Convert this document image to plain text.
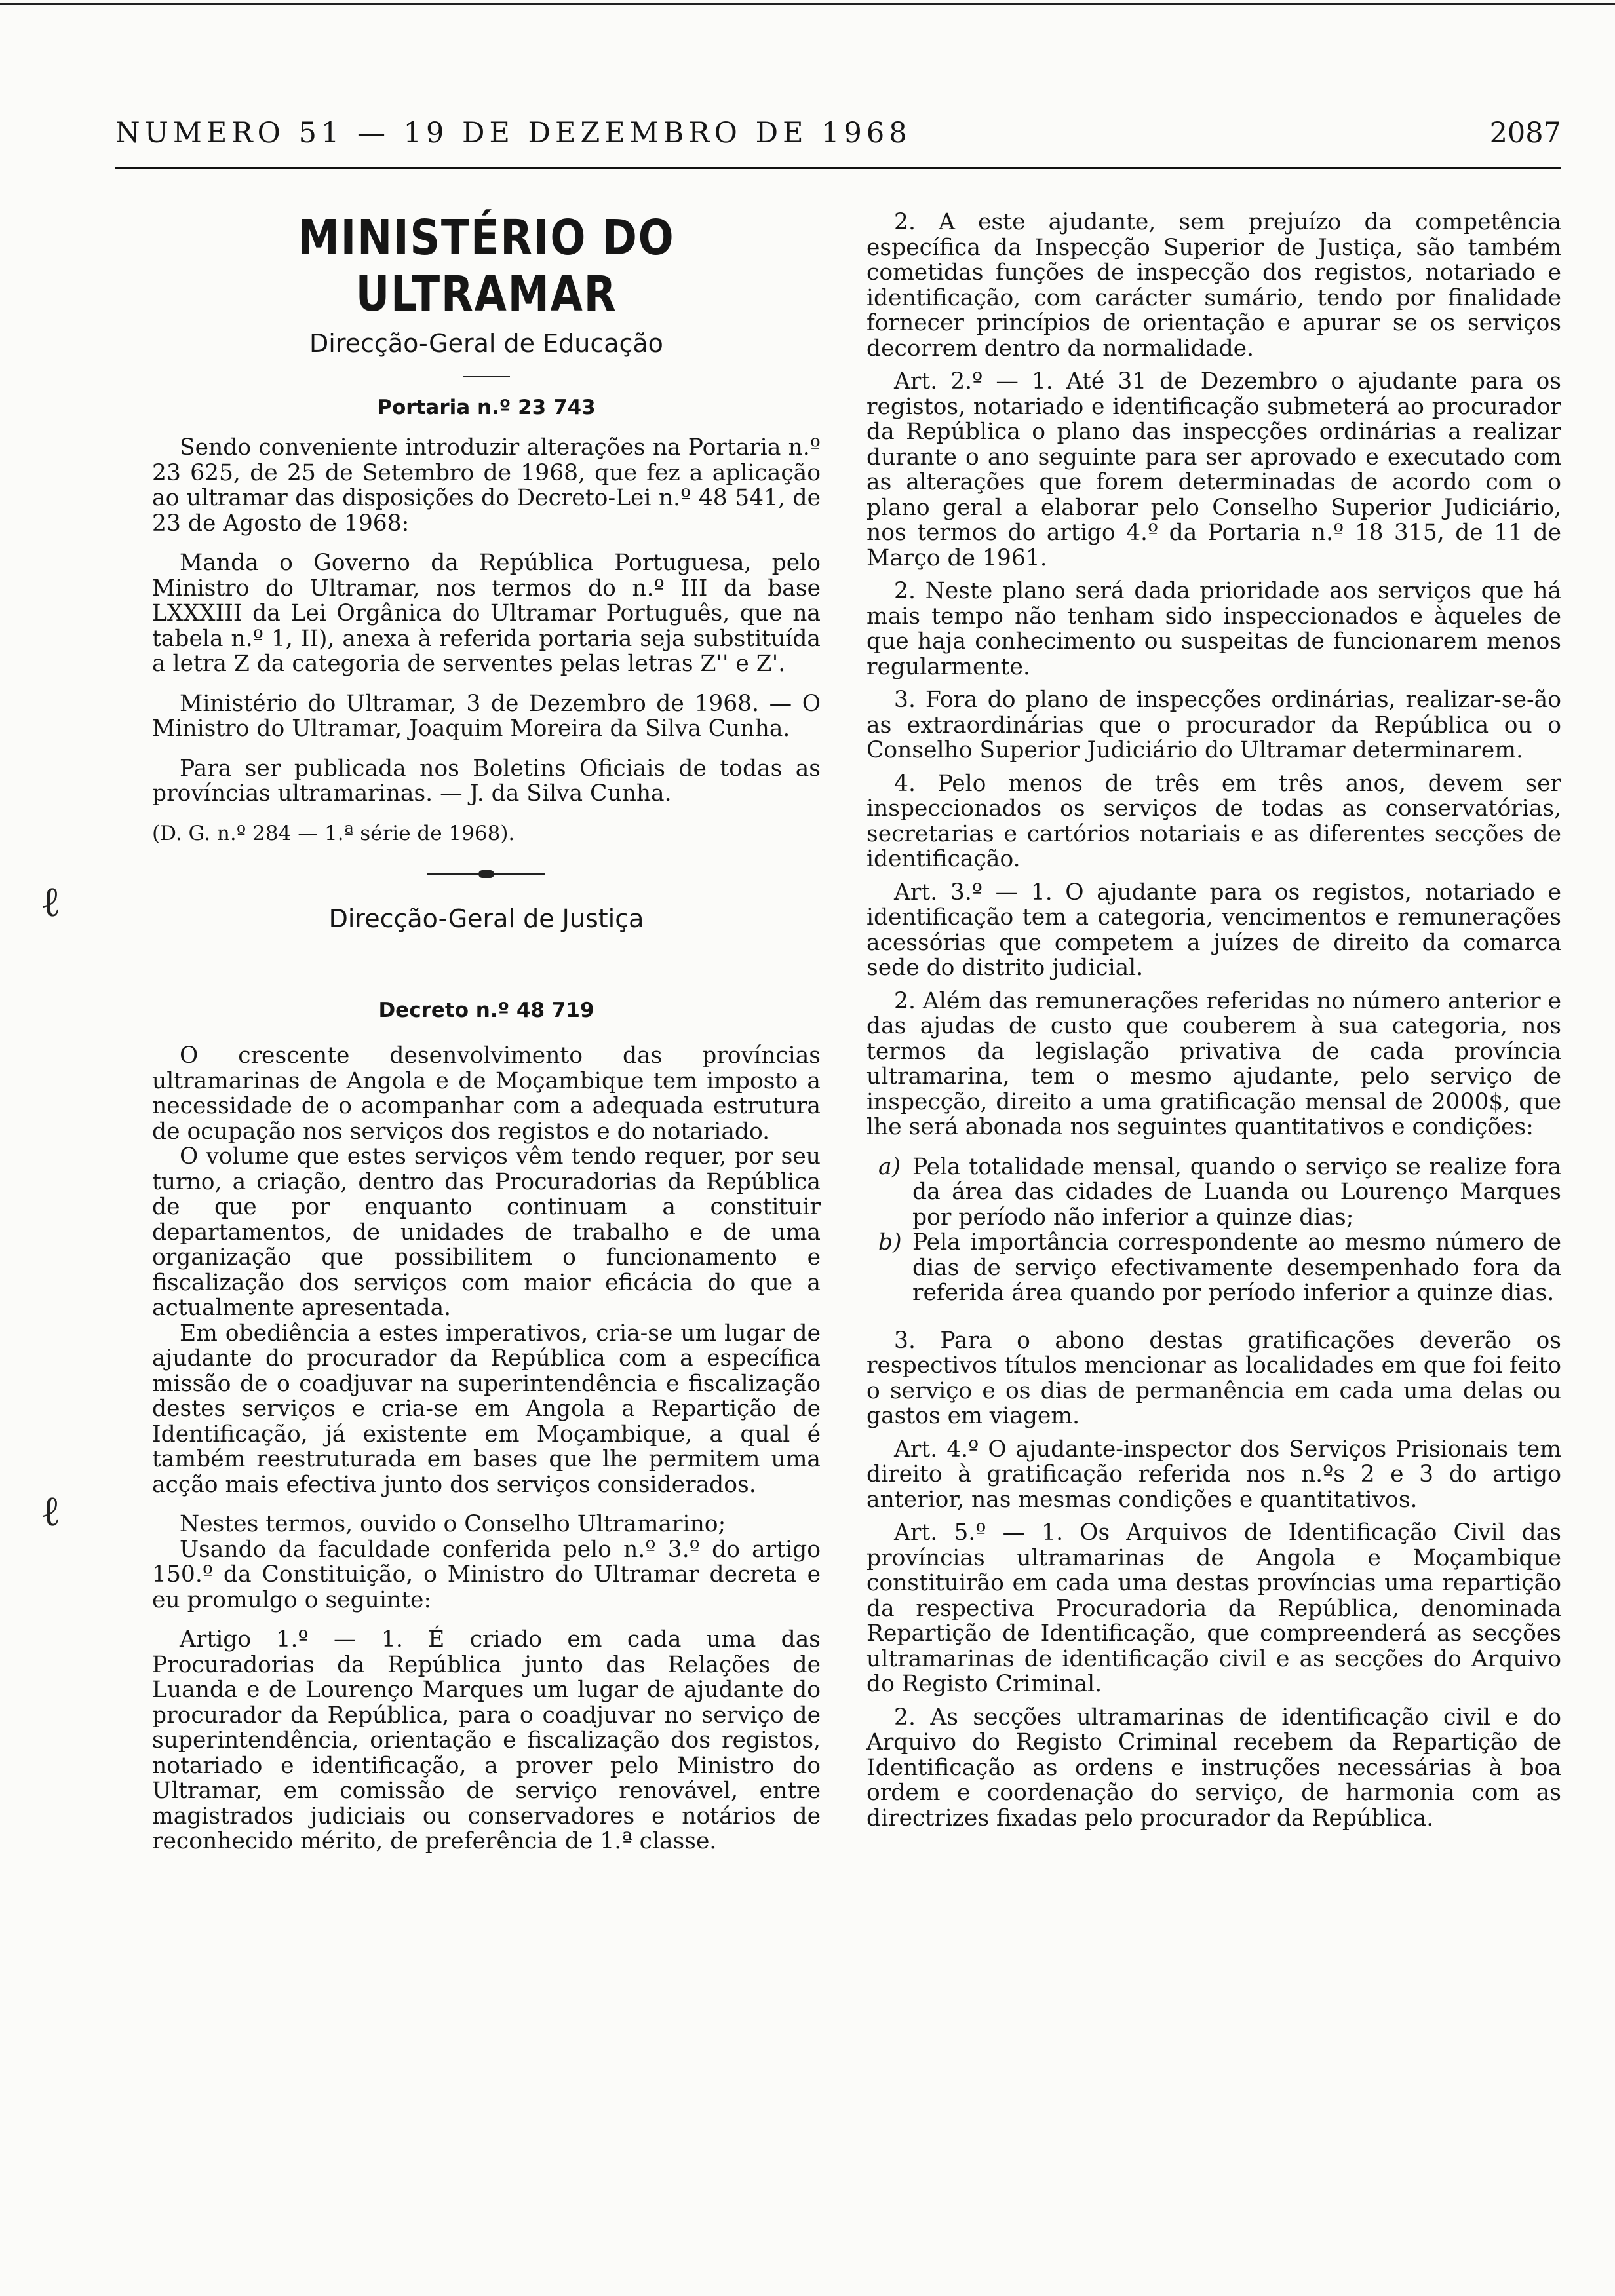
NUMERO 51 — 19 DE DEZEMBRO DE 1968	2087
ℓ
ℓ
MINISTÉRIO DO ULTRAMAR
Direcção-Geral de Educação
Portaria n.º 23 743

Sendo conveniente introduzir alterações na Portaria n.º 23 625, de 25 de Setembro de 1968, que fez a aplicação ao ultramar das disposições do Decreto-Lei n.º 48 541, de 23 de Agosto de 1968:

Manda o Governo da República Portuguesa, pelo Ministro do Ultramar, nos termos do n.º III da base LXXXIII da Lei Orgânica do Ultramar Português, que na tabela n.º 1, II), anexa à referida portaria seja substituída a letra Z da categoria de serventes pelas letras Z'' e Z'.

Ministério do Ultramar, 3 de Dezembro de 1968. — O Ministro do Ultramar, Joaquim Moreira da Silva Cunha.

Para ser publicada nos Boletins Oficiais de todas as províncias ultramarinas. — J. da Silva Cunha.

(D. G. n.º 284 — 1.ª série de 1968).

Direcção-Geral de Justiça
Decreto n.º 48 719

O crescente desenvolvimento das províncias ultramarinas de Angola e de Moçambique tem imposto a necessidade de o acompanhar com a adequada estrutura de ocupação nos serviços dos registos e do notariado.

O volume que estes serviços vêm tendo requer, por seu turno, a criação, dentro das Procuradorias da República de que por enquanto continuam a constituir departamentos, de unidades de trabalho e de uma organização que possibilitem o funcionamento e fiscalização dos serviços com maior eficácia do que a actualmente apresentada.

Em obediência a estes imperativos, cria-se um lugar de ajudante do procurador da República com a específica missão de o coadjuvar na superintendência e fiscalização destes serviços e cria-se em Angola a Repartição de Identificação, já existente em Moçambique, a qual é também reestruturada em bases que lhe permitem uma acção mais efectiva junto dos serviços considerados.

Nestes termos, ouvido o Conselho Ultramarino;

Usando da faculdade conferida pelo n.º 3.º do artigo 150.º da Constituição, o Ministro do Ultramar decreta e eu promulgo o seguinte:

Artigo 1.º — 1. É criado em cada uma das Procuradorias da República junto das Relações de Luanda e de Lourenço Marques um lugar de ajudante do procurador da República, para o coadjuvar no serviço de superintendência, orientação e fiscalização dos registos, notariado e identificação, a prover pelo Ministro do Ultramar, em comissão de serviço renovável, entre magistrados judiciais ou conservadores e notários de reconhecido mérito, de preferência de 1.ª classe.

2. A este ajudante, sem prejuízo da competência específica da Inspecção Superior de Justiça, são também cometidas funções de inspecção dos registos, notariado e identificação, com carácter sumário, tendo por finalidade fornecer princípios de orientação e apurar se os serviços decorrem dentro da normalidade.

Art. 2.º — 1. Até 31 de Dezembro o ajudante para os registos, notariado e identificação submeterá ao procurador da República o plano das inspecções ordinárias a realizar durante o ano seguinte para ser aprovado e executado com as alterações que forem determinadas de acordo com o plano geral a elaborar pelo Conselho Superior Judiciário, nos termos do artigo 4.º da Portaria n.º 18 315, de 11 de Março de 1961.

2. Neste plano será dada prioridade aos serviços que há mais tempo não tenham sido inspeccionados e àqueles de que haja conhecimento ou suspeitas de funcionarem menos regularmente.

3. Fora do plano de inspecções ordinárias, realizar-se-ão as extraordinárias que o procurador da República ou o Conselho Superior Judiciário do Ultramar determinarem.

4. Pelo menos de três em três anos, devem ser inspeccionados os serviços de todas as conservatórias, secretarias e cartórios notariais e as diferentes secções de identificação.

Art. 3.º — 1. O ajudante para os registos, notariado e identificação tem a categoria, vencimentos e remunerações acessórias que competem a juízes de direito da comarca sede do distrito judicial.

2. Além das remunerações referidas no número anterior e das ajudas de custo que couberem à sua categoria, nos termos da legislação privativa de cada província ultramarina, tem o mesmo ajudante, pelo serviço de inspecção, direito a uma gratificação mensal de 2000$, que lhe será abonada nos seguintes quantitativos e condições:

a) Pela totalidade mensal, quando o serviço se realize fora da área das cidades de Luanda ou Lourenço Marques por período não inferior a quinze dias;

b) Pela importância correspondente ao mesmo número de dias de serviço efectivamente desempenhado fora da referida área quando por período inferior a quinze dias.

3. Para o abono destas gratificações deverão os respectivos títulos mencionar as localidades em que foi feito o serviço e os dias de permanência em cada uma delas ou gastos em viagem.

Art. 4.º O ajudante-inspector dos Serviços Prisionais tem direito à gratificação referida nos n.ºs 2 e 3 do artigo anterior, nas mesmas condições e quantitativos.

Art. 5.º — 1. Os Arquivos de Identificação Civil das províncias ultramarinas de Angola e Moçambique constituirão em cada uma destas províncias uma repartição da respectiva Procuradoria da República, denominada Repartição de Identificação, que compreenderá as secções ultramarinas de identificação civil e as secções do Arquivo do Registo Criminal.

2. As secções ultramarinas de identificação civil e do Arquivo do Registo Criminal recebem da Repartição de Identificação as ordens e instruções necessárias à boa ordem e coordenação do serviço, de harmonia com as directrizes fixadas pelo procurador da República.
